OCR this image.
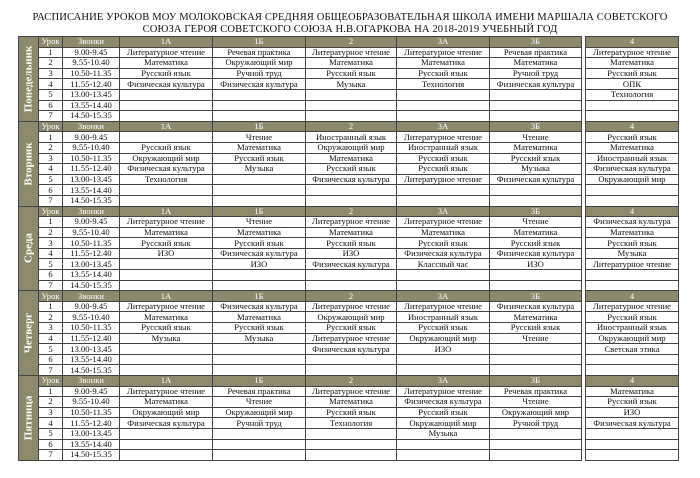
РАСПИСАНИЕ УРОКОВ МОУ МОЛОКОВСКАЯ СРЕДНЯЯ ОБЩЕОБРАЗОВАТЕЛЬНАЯ ШКОЛА ИМЕНИ МАРШАЛА СОВЕТСКОГО
СОЮЗА ГЕРОЯ СОВЕТСКОГО СОЮЗА Н.В.ОГАРКОВА НА 2018-2019 УЧЕБНЫЙ ГОД
Понедельник	Урок	Звонки	1А	1Б	2	3А	3Б		4
	1	9.00-9.45	Литературное чтение	Речевая практика	Литературное чтение	Литературное чтение	Речевая практика		Литературное чтение
	2	9.55-10.40	Математика	Окружающий мир	Математика	Математика	Математика		Математика
	3	10.50-11.35	Русский язык	Ручной труд	Русский язык	Русский язык	Ручной труд		Русский язык
	4	11.55-12.40	Физическая культура	Физическая культура	Музыка	Технология	Физическая культура		ОПК
	5	13.00-13.45							Технология
	6	13.55-14.40							
	7	14.50-15.35							

Вторник	Урок	Звонки	1А	1Б	2	3А	3Б		4
	1	9.00-9.45		Чтение	Иностранный язык	Литературное чтение	Чтение		Русский язык
	2	9.55-10.40	Русский язык	Математика	Окружающий мир	Иностранный язык	Математика		Математика
	3	10.50-11.35	Окружающий мир	Русский язык	Математика	Русский язык	Русский язык		Иностранный язык
	4	11.55-12.40	Физическая культура	Музыка	Русский язык	Русский язык	Музыка		Физическая культура
	5	13.00-13.45	Технология		Физическая культура	Литературное чтение	Физическая культура		Окружающий мир
	6	13.55-14.40							
	7	14.50-15.35							

Среда	Урок	Звонки	1А	1Б	2	3А	3Б		4
	1	9.00-9.45	Литературное чтение	Чтение	Литературное чтение	Литературное чтение	Чтение		Физическая культура
	2	9.55-10.40	Математика	Математика	Математика	Математика	Математика		Математика
	3	10.50-11.35	Русский язык	Русский язык	Русский язык	Русский язык	Русский язык		Русский язык
	4	11.55-12.40	ИЗО	Физическая культура	ИЗО	Физическая культура	Физическая культура		Музыка
	5	13.00-13.45		ИЗО	Физическая культура	Классный час	ИЗО		Литературное чтение
	6	13.55-14.40							
	7	14.50-15.35							

Четверг	Урок	Звонки	1А	1Б	2	3А	3Б		4
	1	9.00-9.45	Литературное чтение	Физическая культура	Литературное чтение	Литературное чтение	Физическая культура		Литературное чтение
	2	9.55-10.40	Математика	Математика	Окружающий мир	Иностранный язык	Математика		Русский язык
	3	10.50-11.35	Русский язык	Русский язык	Русский язык	Русский язык	Русский язык		Иностранный язык
	4	11.55-12.40	Музыка	Музыка	Литературное чтение	Окружающий мир	Чтение		Окружающий мир
	5	13.00-13.45			Физическая культура	ИЗО			Светская этика
	6	13.55-14.40							
	7	14.50-15.35							

Пятница	Урок	Звонки	1А	1Б	2	3А	3Б		4
	1	9.00-9.45	Литературное чтение	Речевая практика	Литературное чтение	Литературное чтение	Речевая практика		Математика
	2	9.55-10.40	Математика	Чтение	Математика	Физическая культура	Чтение		Русский язык
	3	10.50-11.35	Окружающий мир	Окружающий мир	Русский язык	Русский язык	Окружающий мир		ИЗО
	4	11.55-12.40	Физическая культура	Ручной труд	Технология	Окружающий мир	Ручной труд		Физическая культура
	5	13.00-13.45				Музыка			
	6	13.55-14.40							
	7	14.50-15.35							
